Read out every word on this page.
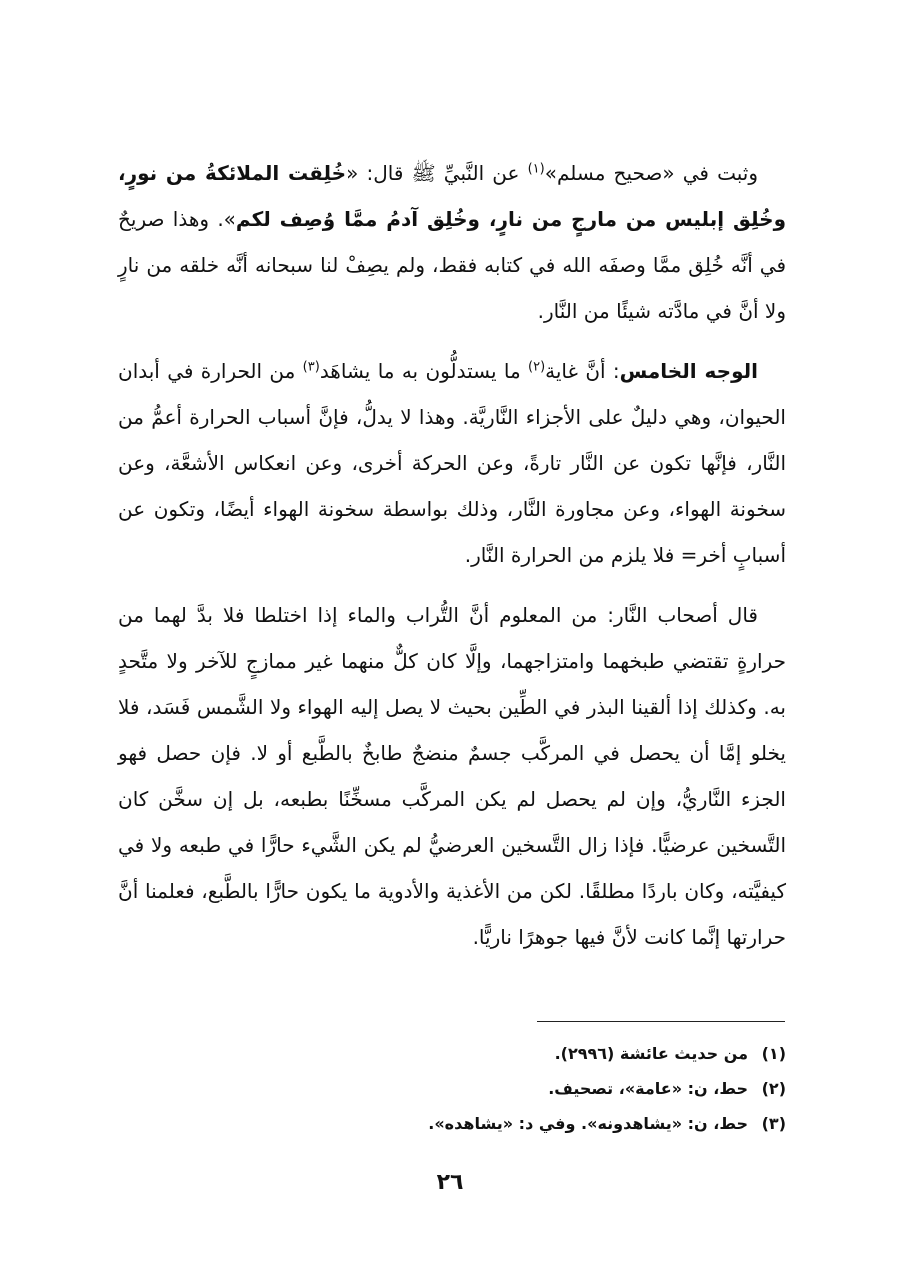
وثبت في «صحيح مسلم»$^{(١)}$ عن النَّبيِّ ﷺ قال: «خُلِقت الملائكةُ من نورٍ، وخُلِق إبليس من مارجٍ من نارٍ، وخُلِق آدمُ ممَّا وُصِف لكم». وهذا صريحٌ في أنَّه خُلِق ممَّا وصفَه الله في كتابه فقط، ولم يصِفْ لنا سبحانه أنَّه خلقه من نارٍ ولا أنَّ في مادَّته شيئًا من النَّار.

الوجه الخامس: أنَّ غاية$^{(٢)}$ ما يستدلُّون به ما يشاهَد$^{(٣)}$ من الحرارة في أبدان الحيوان، وهي دليلٌ على الأجزاء النَّاريَّة. وهذا لا يدلُّ، فإنَّ أسباب الحرارة أعمُّ من النَّار، فإنَّها تكون عن النَّار تارةً، وعن الحركة أخرى، وعن انعكاس الأشعَّة، وعن سخونة الهواء، وعن مجاورة النَّار، وذلك بواسطة سخونة الهواء أيضًا، وتكون عن أسبابٍ أخر= فلا يلزم من الحرارة النَّار.

قال أصحاب النَّار: من المعلوم أنَّ التُّراب والماء إذا اختلطا فلا بدَّ لهما من حرارةٍ تقتضي طبخهما وامتزاجهما، وإلَّا كان كلٌّ منهما غير ممازجٍ للآخر ولا متَّحدٍ به. وكذلك إذا ألقينا البذر في الطِّين بحيث لا يصل إليه الهواء ولا الشَّمس فَسَد، فلا يخلو إمَّا أن يحصل في المركَّب جسمٌ منضجٌ طابخٌ بالطَّبع أو لا. فإن حصل فهو الجزء النَّاريُّ، وإن لم يحصل لم يكن المركَّب مسخِّنًا بطبعه، بل إن سخَّن كان التَّسخين عرضيًّا. فإذا زال التَّسخين العرضيُّ لم يكن الشَّيء حارًّا في طبعه ولا في كيفيَّته، وكان باردًا مطلقًا. لكن من الأغذية والأدوية ما يكون حارًّا بالطَّبع، فعلمنا أنَّ حرارتها إنَّما كانت لأنَّ فيها جوهرًا ناريًّا.

(١)
من حديث عائشة (٢٩٩٦).
(٢)
حط، ن: «عامة»، تصحيف.
(٣)
حط، ن: «يشاهدونه». وفي د: «يشاهده».
٢٦
